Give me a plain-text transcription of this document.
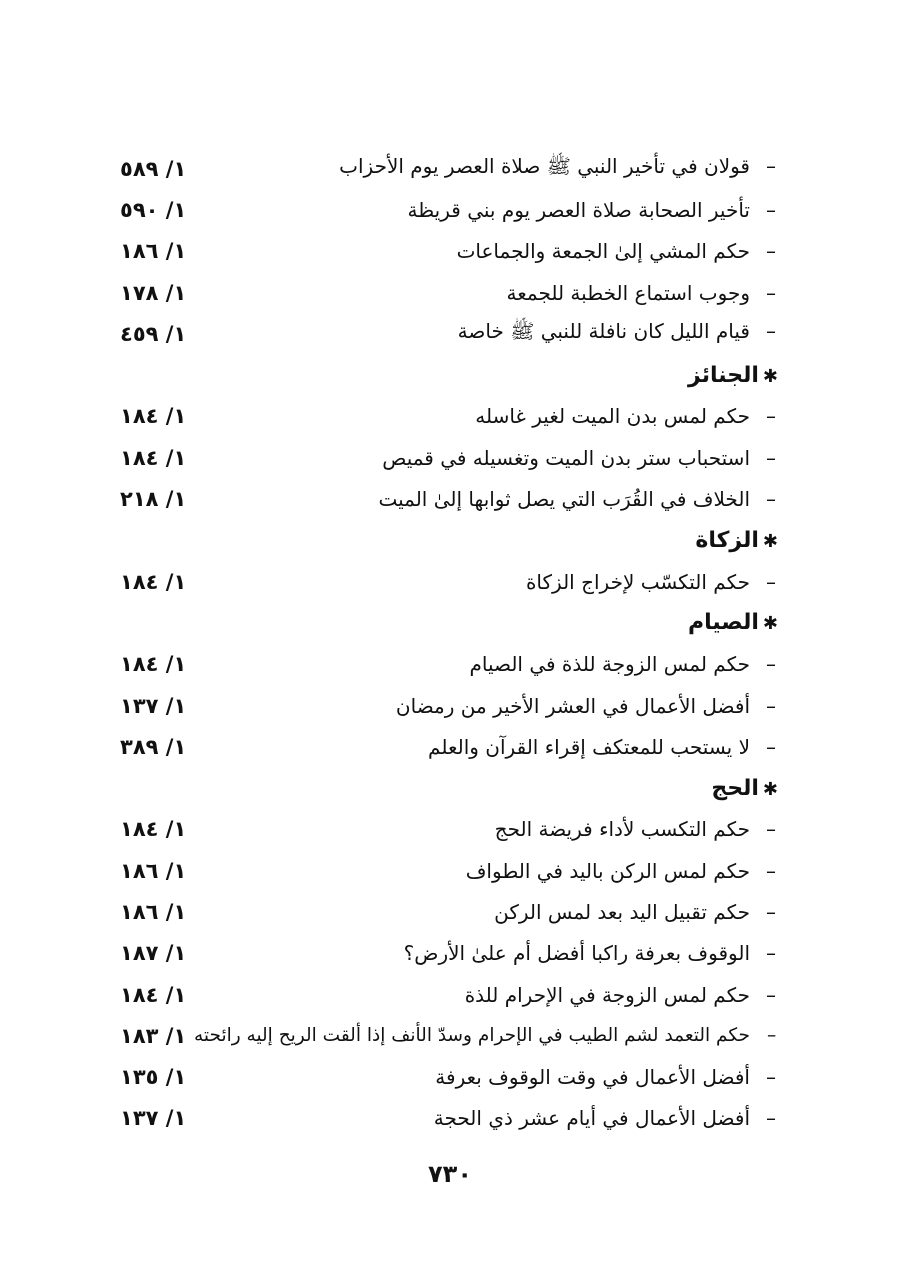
–قولان في تأخير النبي ﷺ صلاة العصر يوم الأحزاب
١/ ٥٨٩
–تأخير الصحابة صلاة العصر يوم بني قريظة
١/ ٥٩٠
–حكم المشي إلىٰ الجمعة والجماعات
١/ ١٨٦
–وجوب استماع الخطبة للجمعة
١/ ١٧٨
–قيام الليل كان نافلة للنبي ﷺ خاصة
١/ ٤٥٩
✱الجنائز
–حكم لمس بدن الميت لغير غاسله
١/ ١٨٤
–استحباب ستر بدن الميت وتغسيله في قميص
١/ ١٨٤
–الخلاف في القُرَب التي يصل ثوابها إلىٰ الميت
١/ ٢١٨
✱الزكاة
–حكم التكسّب لإخراج الزكاة
١/ ١٨٤
✱الصيام
–حكم لمس الزوجة للذة في الصيام
١/ ١٨٤
–أفضل الأعمال في العشر الأخير من رمضان
١/ ١٣٧
–لا يستحب للمعتكف إقراء القرآن والعلم
١/ ٣٨٩
✱الحج
–حكم التكسب لأداء فريضة الحج
١/ ١٨٤
–حكم لمس الركن باليد في الطواف
١/ ١٨٦
–حكم تقبيل اليد بعد لمس الركن
١/ ١٨٦
–الوقوف بعرفة راكبا أفضل أم علىٰ الأرض؟
١/ ١٨٧
–حكم لمس الزوجة في الإحرام للذة
١/ ١٨٤
–حكم التعمد لشم الطيب في الإحرام وسدّ الأنف إذا ألقت الريح إليه رائحته
١/ ١٨٣
–أفضل الأعمال في وقت الوقوف بعرفة
١/ ١٣٥
–أفضل الأعمال في أيام عشر ذي الحجة
١/ ١٣٧
٧٣٠
